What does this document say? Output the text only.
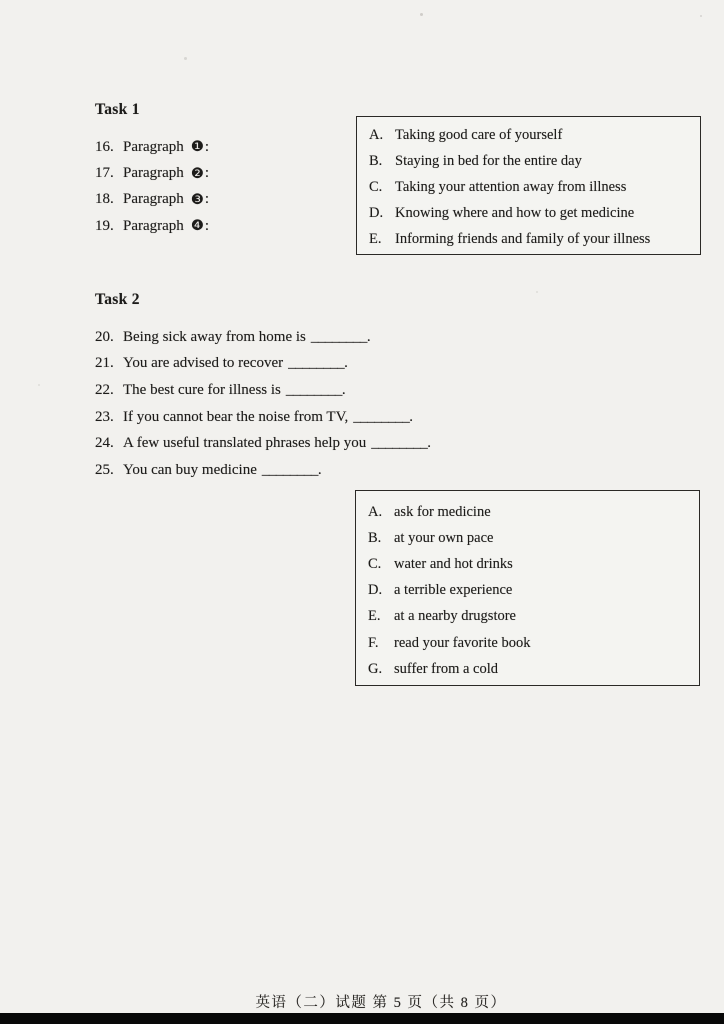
Task 1
16. Paragraph ❶ :
17. Paragraph ❷ :
18. Paragraph ❸ :
19. Paragraph ❹ :
A. Taking good care of yourself
B. Staying in bed for the entire day
C. Taking your attention away from illness
D. Knowing where and how to get medicine
E. Informing friends and family of your illness
Task 2
20. Being sick away from home is ________ .
21. You are advised to recover ________ .
22. The best cure for illness is ________ .
23. If you cannot bear the noise from TV, ________ .
24. A few useful translated phrases help you ________ .
25. You can buy medicine ________ .
A. ask for medicine
B. at your own pace
C. water and hot drinks
D. a terrible experience
E. at a nearby drugstore
F.	read your favorite book
G. suffer from a cold
英语（二）试题 第 5 页（共 8 页）
